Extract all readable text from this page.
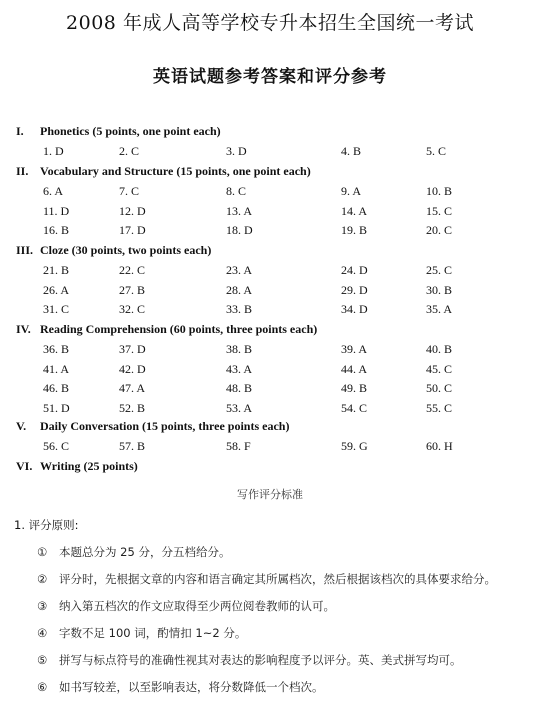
2008 年成人高等学校专升本招生全国统一考试
英语试题参考答案和评分参考
I. Phonetics (5 points, one point each)
1. D	2. C	3. D	4. B	5. C
II. Vocabulary and Structure (15 points, one point each)
6. A	7. C	8. C	9. A	10. B
11. D	12. D	13. A	14. A	15. C
16. B	17. D	18. D	19. B	20. C
III. Cloze (30 points, two points each)
21. B	22. C	23. A	24. D	25. C
26. A	27. B	28. A	29. D	30. B
31. C	32. C	33. B	34. D	35. A
IV. Reading Comprehension (60 points, three points each)
36. B	37. D	38. B	39. A	40. B
41. A	42. D	43. A	44. A	45. C
46. B	47. A	48. B	49. B	50. C
51. D	52. B	53. A	54. C	55. C
V. Daily Conversation (15 points, three points each)
56. C	57. B	58. F	59. G	60. H
VI. Writing (25 points)
写作评分标准
1. 评分原则:
① 本题总分为 25 分，分五档给分。
② 评分时，先根据文章的内容和语言确定其所属档次，然后根据该档次的具体要求给分。
③ 纳入第五档次的作文应取得至少两位阅卷教师的认可。
④ 字数不足 100 词，酌情扣 1~2 分。
⑤ 拼写与标点符号的准确性视其对表达的影响程度予以评分。英、美式拼写均可。
⑥ 如书写较差，以至影响表达，将分数降低一个档次。
